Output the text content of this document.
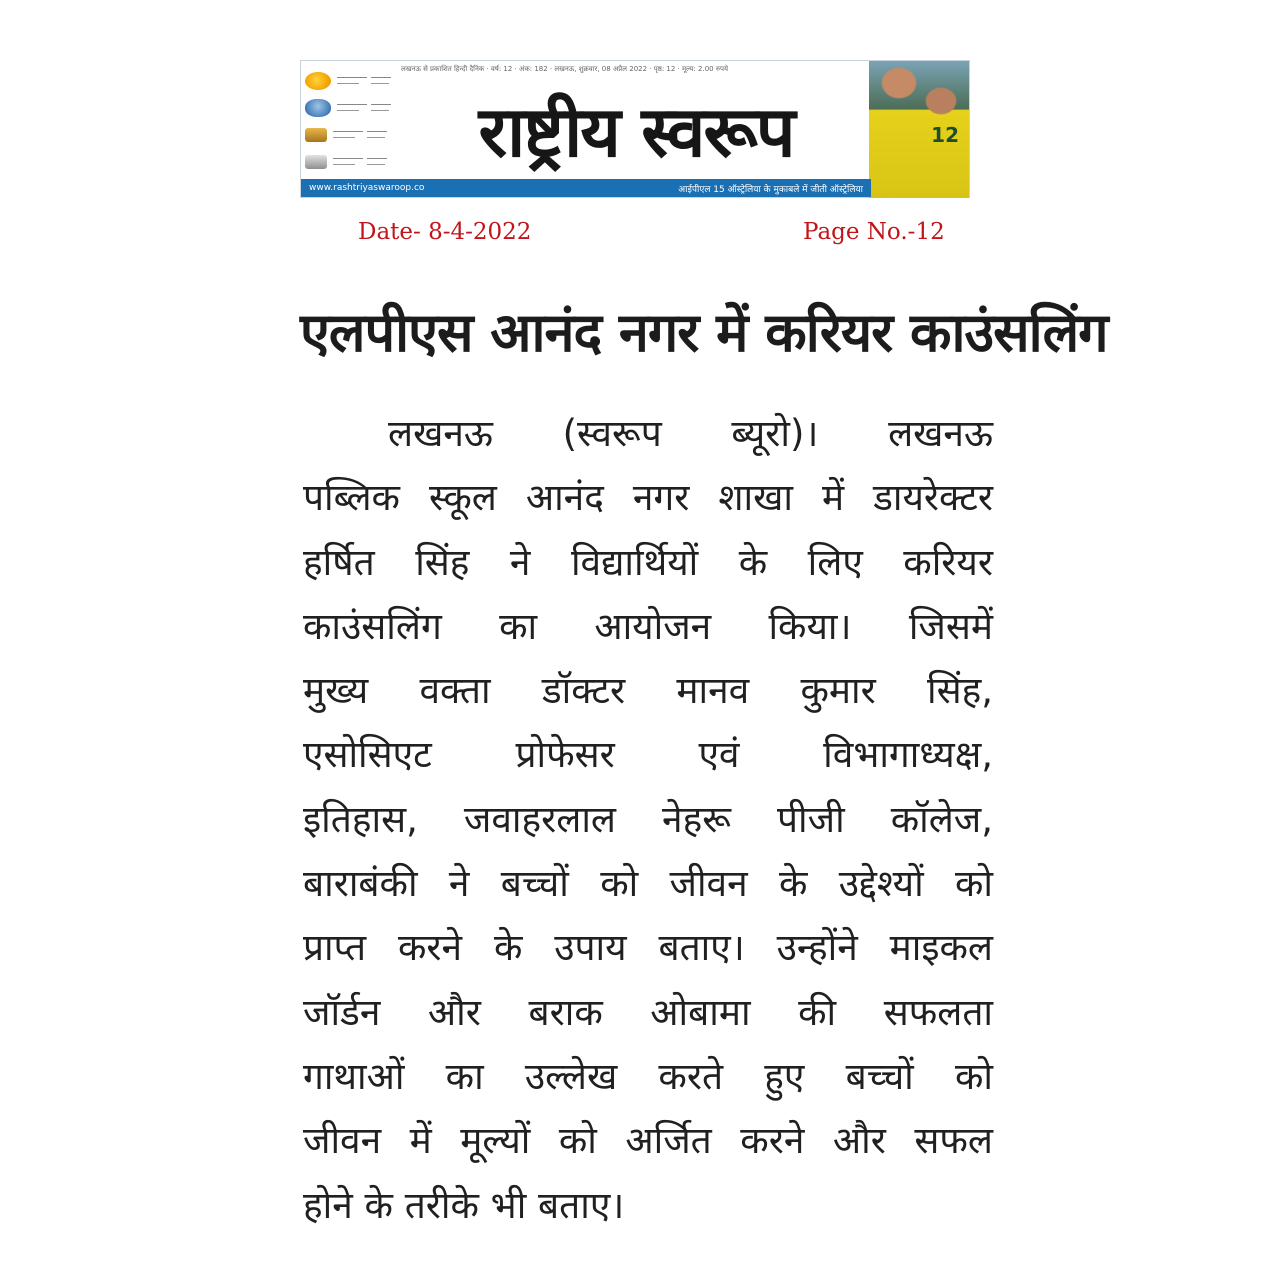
लखनऊ से प्रकाशित हिन्दी दैनिक · वर्ष: 12 · अंक: 182 · लखनऊ, शुक्रवार, 08 अप्रैल 2022 · पृष्ठ: 12 · मूल्य: 2.00 रुपये
राष्ट्रीय स्वरूप	12
www.rashtriyaswaroop.co	आईपीएल 15 ऑस्ट्रेलिया के मुकाबले में जीती ऑस्ट्रेलिया
Date- 8-4-2022	Page No.-12
एलपीएस आनंद नगर में करियर काउंसलिंग
लखनऊ (स्वरूप ब्यूरो)। लखनऊ
पब्लिक स्कूल आनंद नगर शाखा में डायरेक्टर
हर्षित सिंह ने विद्यार्थियों के लिए करियर
काउंसलिंग का आयोजन किया। जिसमें
मुख्य वक्ता डॉक्टर मानव कुमार सिंह,
एसोसिएट प्रोफेसर एवं विभागाध्यक्ष,
इतिहास, जवाहरलाल नेहरू पीजी कॉलेज,
बाराबंकी ने बच्चों को जीवन के उद्देश्यों को
प्राप्त करने के उपाय बताए। उन्होंने माइकल
जॉर्डन और बराक ओबामा की सफलता
गाथाओं का उल्लेख करते हुए बच्चों को
जीवन में मूल्यों को अर्जित करने और सफल
होने के तरीके भी बताए।
